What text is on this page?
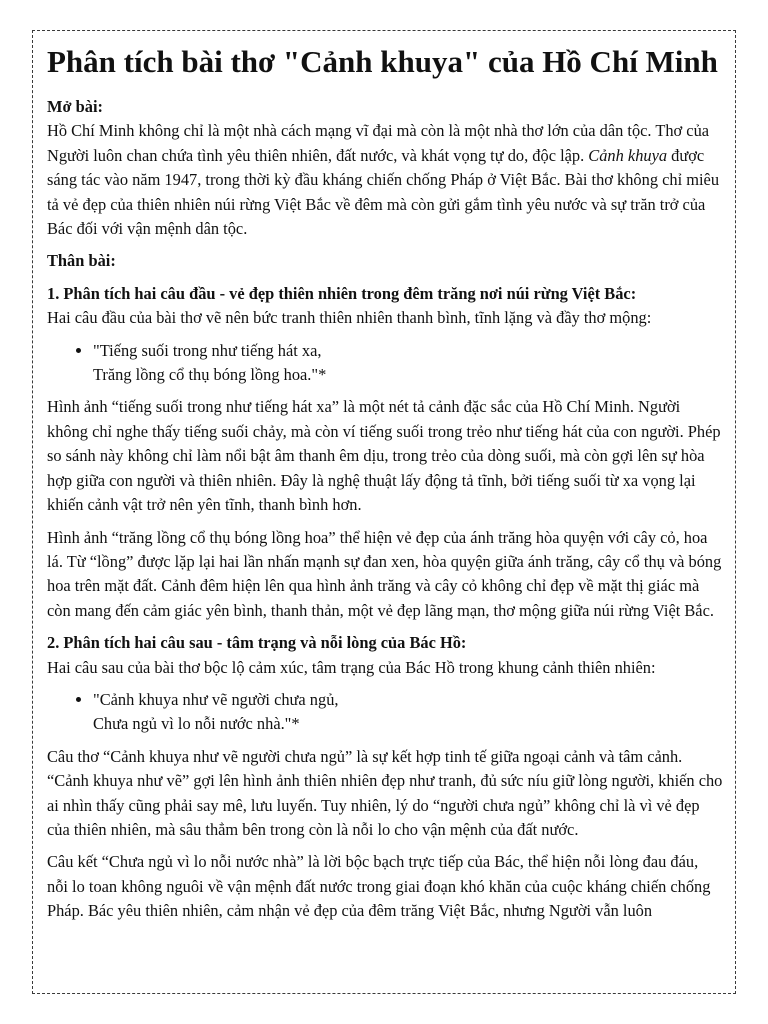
Phân tích bài thơ "Cảnh khuya" của Hồ Chí Minh

Mở bài:
Hồ Chí Minh không chỉ là một nhà cách mạng vĩ đại mà còn là một nhà thơ lớn của dân tộc. Thơ của Người luôn chan chứa tình yêu thiên nhiên, đất nước, và khát vọng tự do, độc lập. Cảnh khuya được sáng tác vào năm 1947, trong thời kỳ đầu kháng chiến chống Pháp ở Việt Bắc. Bài thơ không chỉ miêu tả vẻ đẹp của thiên nhiên núi rừng Việt Bắc về đêm mà còn gửi gắm tình yêu nước và sự trăn trở của Bác đối với vận mệnh dân tộc.

Thân bài:

1. Phân tích hai câu đầu - vẻ đẹp thiên nhiên trong đêm trăng nơi núi rừng Việt Bắc:
Hai câu đầu của bài thơ vẽ nên bức tranh thiên nhiên thanh bình, tĩnh lặng và đầy thơ mộng:

• "Tiếng suối trong như tiếng hát xa,
Trăng lồng cổ thụ bóng lồng hoa."*

Hình ảnh “tiếng suối trong như tiếng hát xa” là một nét tả cảnh đặc sắc của Hồ Chí Minh. Người không chỉ nghe thấy tiếng suối chảy, mà còn ví tiếng suối trong trẻo như tiếng hát của con người. Phép so sánh này không chỉ làm nổi bật âm thanh êm dịu, trong trẻo của dòng suối, mà còn gợi lên sự hòa hợp giữa con người và thiên nhiên. Đây là nghệ thuật lấy động tả tĩnh, bởi tiếng suối từ xa vọng lại khiến cảnh vật trở nên yên tĩnh, thanh bình hơn.

Hình ảnh “trăng lồng cổ thụ bóng lồng hoa” thể hiện vẻ đẹp của ánh trăng hòa quyện với cây cỏ, hoa lá. Từ “lồng” được lặp lại hai lần nhấn mạnh sự đan xen, hòa quyện giữa ánh trăng, cây cổ thụ và bóng hoa trên mặt đất. Cảnh đêm hiện lên qua hình ảnh trăng và cây cỏ không chỉ đẹp về mặt thị giác mà còn mang đến cảm giác yên bình, thanh thản, một vẻ đẹp lãng mạn, thơ mộng giữa núi rừng Việt Bắc.

2. Phân tích hai câu sau - tâm trạng và nỗi lòng của Bác Hồ:
Hai câu sau của bài thơ bộc lộ cảm xúc, tâm trạng của Bác Hồ trong khung cảnh thiên nhiên:

• "Cảnh khuya như vẽ người chưa ngủ,
Chưa ngủ vì lo nỗi nước nhà."*

Câu thơ “Cảnh khuya như vẽ người chưa ngủ” là sự kết hợp tinh tế giữa ngoại cảnh và tâm cảnh. “Cảnh khuya như vẽ” gợi lên hình ảnh thiên nhiên đẹp như tranh, đủ sức níu giữ lòng người, khiến cho ai nhìn thấy cũng phải say mê, lưu luyến. Tuy nhiên, lý do “người chưa ngủ” không chỉ là vì vẻ đẹp của thiên nhiên, mà sâu thẳm bên trong còn là nỗi lo cho vận mệnh của đất nước.

Câu kết “Chưa ngủ vì lo nỗi nước nhà” là lời bộc bạch trực tiếp của Bác, thể hiện nỗi lòng đau đáu, nỗi lo toan không nguôi về vận mệnh đất nước trong giai đoạn khó khăn của cuộc kháng chiến chống Pháp. Bác yêu thiên nhiên, cảm nhận vẻ đẹp của đêm trăng Việt Bắc, nhưng Người vẫn luôn
